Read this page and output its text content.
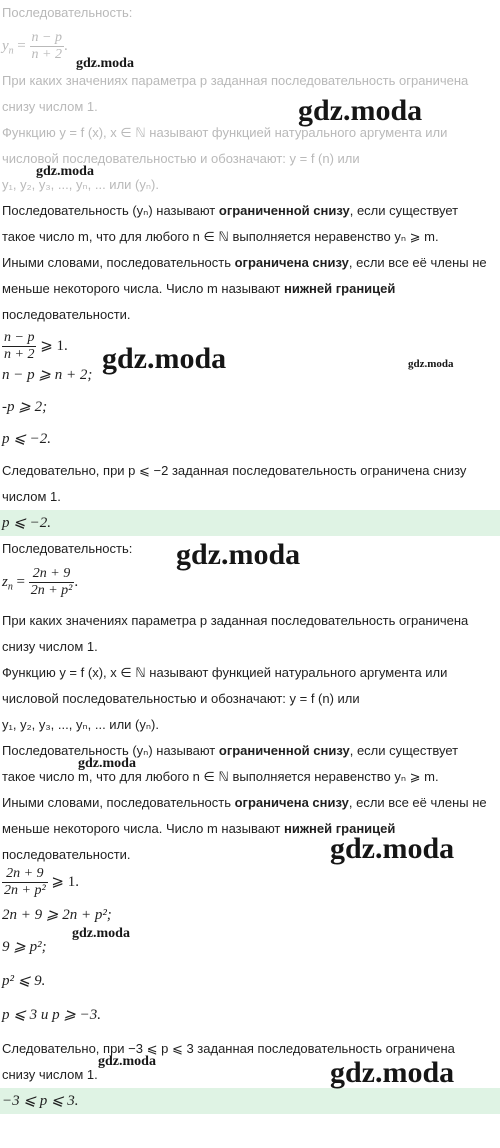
Последовательность:
$y_n = \frac{n - p}{n + 2}$ .
При каких значениях параметра p заданная последовательность ограничена
снизу числом 1.
Функцию y = f (x), x ∈ ℕ называют функцией натурального аргумента или
числовой последовательностью и обозначают: y = f (n) или
y₁, y₂, y₃, ..., yₙ, ... или (yₙ).
Последовательность (yₙ) называют ограниченной снизу, если существует
такое число m, что для любого n ∈ ℕ выполняется неравенство yₙ ⩾ m.
Иными словами, последовательность ограничена снизу, если все её члены не
меньше некоторого числа. Число m называют нижней границей
последовательности.
$\frac{n - p}{n + 2}$ ⩾ 1.
n − p ⩾ n + 2;
-p ⩾ 2;
p ⩽ −2.
Следовательно, при p ⩽ −2 заданная последовательность ограничена снизу
числом 1.
p ⩽ −2.
Последовательность:
$z_n = \frac{2n + 9}{\text{2n + p²}}$ .
При каких значениях параметра p заданная последовательность ограничена
снизу числом 1.
Функцию y = f (x), x ∈ ℕ называют функцией натурального аргумента или
числовой последовательностью и обозначают: y = f (n) или
y₁, y₂, y₃, ..., yₙ, ... или (yₙ).
Последовательность (yₙ) называют ограниченной снизу, если существует
такое число m, что для любого n ∈ ℕ выполняется неравенство yₙ ⩾ m.
Иными словами, последовательность ограничена снизу, если все её члены не
меньше некоторого числа. Число m называют нижней границей
последовательности.
$\frac{2n + 9}{\text{2n + p²}}$ ⩾ 1.
2n + 9 ⩾ 2n + p²;
9 ⩾ p²;
p² ⩽ 9.
p ⩽ 3 и p ⩾ −3.
Следовательно, при −3 ⩽ p ⩽ 3 заданная последовательность ограничена
снизу числом 1.
−3 ⩽ p ⩽ 3.
gdz.moda
gdz.moda
gdz.moda
gdz.moda	gdz.moda
gdz.moda
gdz.moda
gdz.moda
gdz.moda
gdz.moda	gdz.moda
